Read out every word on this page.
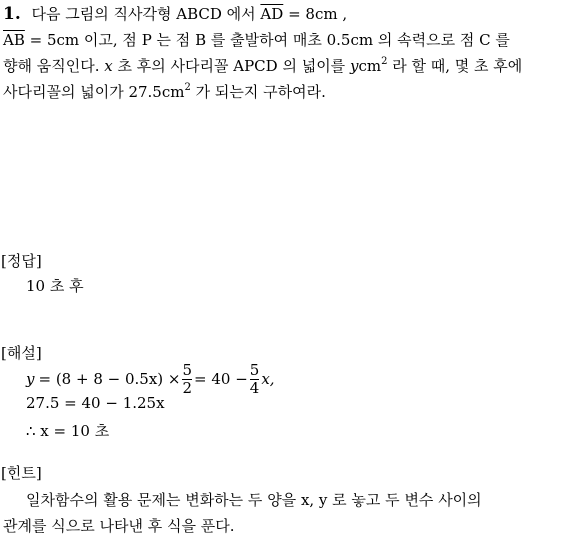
1. 다음 그림의 직사각형 ABCD 에서 $\overline{AD} = 8cm$ ,
$\overline{AB} = 5cm$ 이고, 점 P 는 점 B 를 출발하여 매초 0.5cm 의 속력으로 점 C 를
향해 움직인다. x 초 후의 사다리꼴 APCD 의 넓이를 ycm$^2$ 라 할 때, 몇 초 후에
사다리꼴의 넓이가 $27.5cm^2$ 가 되는지 구하여라.
[정답]
10 초 후
[해설]
$y = (8 + 8 - 0.5x) \times \frac{5}{2} = 40 - \frac{5}{4} x$,
27.5 = 40 − 1.25x
∴ x = 10 초
[힌트]
일차함수의 활용 문제는 변화하는 두 양을 x, y 로 놓고 두 변수 사이의
관계를 식으로 나타낸 후 식을 푼다.
